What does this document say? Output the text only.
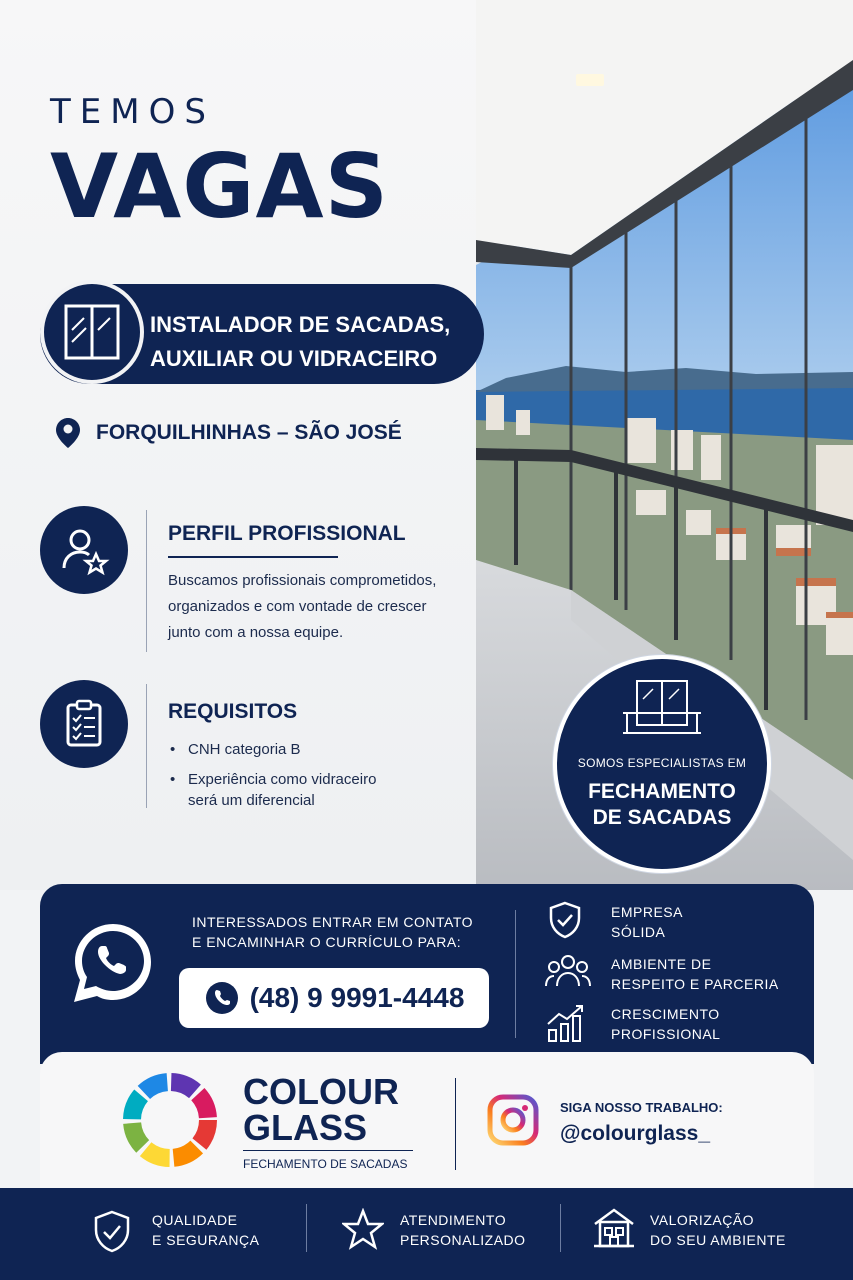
TEMOS
VAGAS
INSTALADOR DE SACADAS,
AUXILIAR OU VIDRACEIRO
FORQUILHINHAS – SÃO JOSÉ
PERFIL PROFISSIONAL
Buscamos profissionais comprometidos,
organizados e com vontade de crescer
junto com a nossa equipe.
REQUISITOS
• CNH categoria B
• Experiência como vidraceiro
será um diferencial
SOMOS ESPECIALISTAS EM
FECHAMENTO
DE SACADAS
INTERESSADOS ENTRAR EM CONTATO
E ENCAMINHAR O CURRÍCULO PARA:
(48) 9 9991-4448
EMPRESA
SÓLIDA
AMBIENTE DE
RESPEITO E PARCERIA
CRESCIMENTO
PROFISSIONAL
COLOUR
GLASS
FECHAMENTO DE SACADAS
SIGA NOSSO TRABALHO:
@colourglass_
QUALIDADE
E SEGURANÇA
ATENDIMENTO
PERSONALIZADO
VALORIZAÇÃO
DO SEU AMBIENTE
